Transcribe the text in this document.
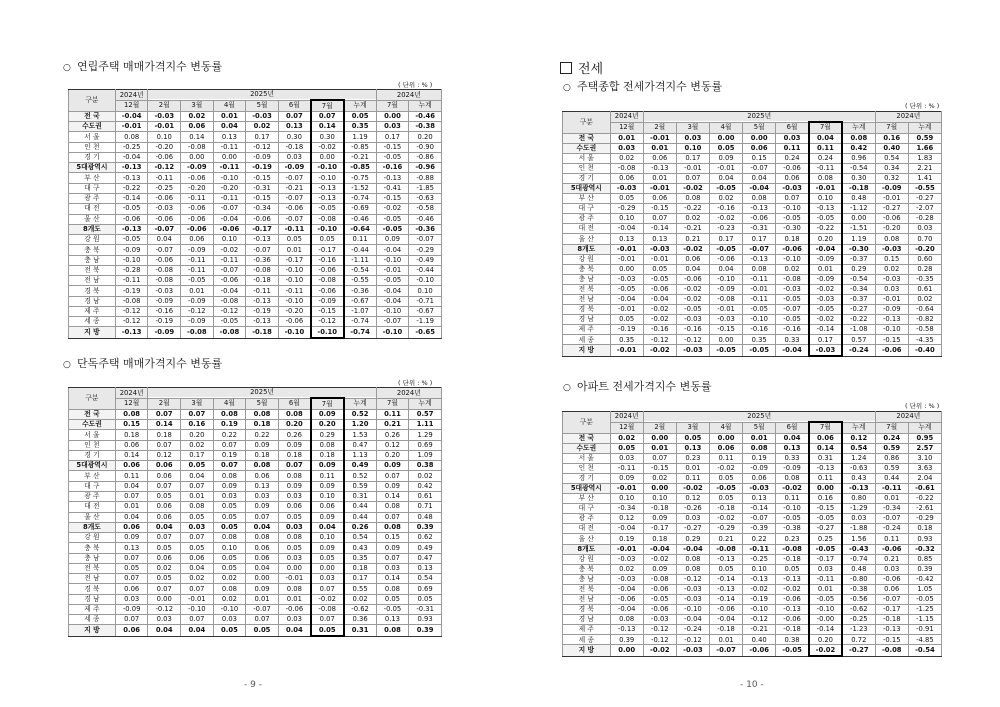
○ 연립주택 매매가격지수 변동률
( 단위 : % )
구분	2024년	2025년							2024년	
	12월	2월	3월	4월	5월	6월	7월	누계	7월	누계
전 국	-0.04	-0.03	0.02	0.01	-0.03	0.07	0.07	0.05	0.00	-0.46
수도권	-0.01	-0.01	0.06	0.04	0.02	0.13	0.14	0.35	0.03	-0.38
서 울	0.08	0.10	0.14	0.13	0.17	0.30	0.30	1.19	0.17	0.20
인 천	-0.25	-0.20	-0.08	-0.11	-0.12	-0.18	-0.02	-0.85	-0.15	-0.90
경 기	-0.04	-0.06	0.00	0.00	-0.09	0.03	0.00	-0.21	-0.05	-0.86
5대광역시	-0.13	-0.12	-0.09	-0.11	-0.19	-0.09	-0.10	-0.85	-0.16	-0.96
부 산	-0.13	-0.11	-0.06	-0.10	-0.15	-0.07	-0.10	-0.75	-0.13	-0.88
대 구	-0.22	-0.25	-0.20	-0.20	-0.31	-0.21	-0.13	-1.52	-0.41	-1.85
광 주	-0.14	-0.06	-0.11	-0.11	-0.15	-0.07	-0.13	-0.74	-0.15	-0.63
대 전	-0.05	-0.03	-0.06	-0.07	-0.34	-0.06	-0.05	-0.69	-0.02	-0.58
울 산	-0.06	-0.06	-0.06	-0.04	-0.06	-0.07	-0.08	-0.46	-0.05	-0.46
8개도	-0.13	-0.07	-0.06	-0.06	-0.17	-0.11	-0.10	-0.64	-0.05	-0.36
강 원	-0.05	0.04	0.06	0.10	-0.13	0.05	0.05	0.11	0.09	-0.07
충 북	-0.09	-0.07	-0.09	-0.02	-0.07	0.01	-0.17	-0.44	-0.04	-0.29
충 남	-0.10	-0.06	-0.11	-0.11	-0.36	-0.17	-0.16	-1.11	-0.10	-0.49
전 북	-0.28	-0.08	-0.11	-0.07	-0.08	-0.10	-0.06	-0.54	-0.01	-0.44
전 남	-0.11	-0.08	-0.05	-0.06	-0.18	-0.10	-0.08	-0.55	-0.05	-0.10
경 북	-0.19	-0.03	0.01	-0.04	-0.11	-0.11	-0.06	-0.36	-0.04	0.10
경 남	-0.08	-0.09	-0.09	-0.08	-0.13	-0.10	-0.09	-0.67	-0.04	-0.71
제 주	-0.12	-0.16	-0.12	-0.12	-0.19	-0.20	-0.15	-1.07	-0.10	-0.67
세 종	-0.12	-0.19	-0.09	-0.05	-0.13	-0.06	-0.12	-0.74	-0.07	-1.19
지 방	-0.13	-0.09	-0.08	-0.08	-0.18	-0.10	-0.10	-0.74	-0.10	-0.65
○ 단독주택 매매가격지수 변동률
( 단위 : % )
구분	2024년	2025년							2024년	
	12월	2월	3월	4월	5월	6월	7월	누계	7월	누계
전 국	0.08	0.07	0.07	0.08	0.08	0.08	0.09	0.52	0.11	0.57
수도권	0.15	0.14	0.16	0.19	0.18	0.20	0.20	1.20	0.21	1.11
서 울	0.18	0.18	0.20	0.22	0.22	0.26	0.29	1.53	0.26	1.29
인 천	0.06	0.07	0.02	0.07	0.09	0.09	0.08	0.47	0.12	0.69
경 기	0.14	0.12	0.17	0.19	0.18	0.18	0.18	1.13	0.20	1.09
5대광역시	0.06	0.06	0.05	0.07	0.08	0.07	0.09	0.49	0.09	0.38
부 산	0.11	0.06	0.04	0.08	0.06	0.08	0.11	0.52	0.07	0.02
대 구	0.04	0.07	0.07	0.09	0.13	0.09	0.09	0.59	0.09	0.42
광 주	0.07	0.05	0.01	0.03	0.03	0.03	0.10	0.31	0.14	0.61
대 전	0.01	0.06	0.08	0.05	0.09	0.06	0.06	0.44	0.08	0.71
울 산	0.04	0.06	0.05	0.05	0.07	0.05	0.09	0.44	0.07	0.48
8개도	0.06	0.04	0.03	0.05	0.04	0.03	0.04	0.26	0.08	0.39
강 원	0.09	0.07	0.07	0.08	0.08	0.08	0.10	0.54	0.15	0.62
충 북	0.13	0.05	0.05	0.10	0.06	0.05	0.09	0.43	0.09	0.49
충 남	0.07	0.06	0.06	0.05	0.06	0.03	0.05	0.35	0.07	0.47
전 북	0.05	0.02	0.04	0.05	0.04	0.00	0.00	0.18	0.03	0.13
전 남	0.07	0.05	0.02	0.02	0.00	-0.01	0.03	0.17	0.14	0.54
경 북	0.06	0.07	0.07	0.08	0.09	0.08	0.07	0.55	0.08	0.69
경 남	0.03	0.00	-0.01	0.02	0.01	0.01	-0.02	0.02	0.05	0.05
제 주	-0.09	-0.12	-0.10	-0.10	-0.07	-0.06	-0.08	-0.62	-0.05	-0.31
세 종	0.07	0.03	0.07	0.03	0.07	0.03	0.07	0.36	0.13	0.93
지 방	0.06	0.04	0.04	0.05	0.05	0.04	0.05	0.31	0.08	0.39
- 9 -
전세
○ 주택종합 전세가격지수 변동률
( 단위 : % )
구분	2024년	2025년							2024년	
	12월	2월	3월	4월	5월	6월	7월	누계	7월	누계
전 국	0.01	-0.01	0.03	0.00	0.00	0.03	0.04	0.08	0.16	0.59
수도권	0.03	0.01	0.10	0.05	0.06	0.11	0.11	0.42	0.40	1.66
서 울	0.02	0.06	0.17	0.09	0.15	0.24	0.24	0.96	0.54	1.83
인 천	-0.08	-0.13	-0.01	-0.01	-0.07	-0.06	-0.11	-0.54	0.34	2.21
경 기	0.06	0.01	0.07	0.04	0.04	0.06	0.08	0.30	0.32	1.41
5대광역시	-0.03	-0.01	-0.02	-0.05	-0.04	-0.03	-0.01	-0.18	-0.09	-0.55
부 산	0.05	0.06	0.08	0.02	0.08	0.07	0.10	0.48	-0.01	-0.27
대 구	-0.29	-0.15	-0.22	-0.16	-0.13	-0.10	-0.13	-1.12	-0.27	-2.07
광 주	0.10	0.07	0.02	-0.02	-0.06	-0.05	-0.05	0.00	-0.06	-0.28
대 전	-0.04	-0.14	-0.21	-0.23	-0.31	-0.30	-0.22	-1.51	-0.20	0.03
울 산	0.13	0.13	0.21	0.17	0.17	0.18	0.20	1.19	0.08	0.70
8개도	-0.01	-0.03	-0.02	-0.05	-0.07	-0.06	-0.04	-0.30	-0.03	-0.20
강 원	-0.01	-0.01	0.06	-0.06	-0.13	-0.10	-0.09	-0.37	0.15	0.60
충 북	0.00	0.05	0.04	0.04	0.08	0.02	0.01	0.29	0.02	0.28
충 남	-0.03	-0.05	-0.06	-0.10	-0.11	-0.08	-0.09	-0.54	-0.03	-0.35
전 북	-0.05	-0.06	-0.02	-0.09	-0.01	-0.03	-0.02	-0.34	0.03	0.61
전 남	-0.04	-0.04	-0.02	-0.08	-0.11	-0.05	-0.03	-0.37	-0.01	0.02
경 북	-0.01	-0.02	-0.05	-0.01	-0.05	-0.07	-0.05	-0.27	-0.09	-0.64
경 남	0.05	-0.02	-0.03	-0.03	-0.10	-0.05	-0.02	-0.22	-0.13	-0.82
제 주	-0.19	-0.16	-0.16	-0.15	-0.16	-0.16	-0.14	-1.08	-0.10	-0.58
세 종	0.35	-0.12	-0.12	0.00	0.35	0.33	0.17	0.57	-0.15	-4.35
지 방	-0.01	-0.02	-0.03	-0.05	-0.05	-0.04	-0.03	-0.24	-0.06	-0.40
○ 아파트 전세가격지수 변동률
( 단위 : % )
구분	2024년	2025년							2024년	
	12월	2월	3월	4월	5월	6월	7월	누계	7월	누계
전 국	0.02	0.00	0.05	0.00	0.01	0.04	0.06	0.12	0.24	0.95
수도권	0.05	0.01	0.13	0.06	0.08	0.13	0.14	0.54	0.59	2.57
서 울	0.03	0.07	0.23	0.11	0.19	0.33	0.31	1.24	0.86	3.10
인 천	-0.11	-0.15	0.01	-0.02	-0.09	-0.09	-0.13	-0.63	0.59	3.63
경 기	0.09	0.02	0.11	0.05	0.06	0.08	0.11	0.43	0.44	2.04
5대광역시	-0.01	0.00	-0.02	-0.05	-0.03	-0.02	0.00	-0.13	-0.11	-0.61
부 산	0.10	0.10	0.12	0.05	0.13	0.11	0.16	0.80	0.01	-0.22
대 구	-0.34	-0.18	-0.26	-0.18	-0.14	-0.10	-0.15	-1.29	-0.34	-2.61
광 주	0.12	0.09	0.03	-0.02	-0.07	-0.05	-0.05	0.03	-0.07	-0.29
대 전	-0.04	-0.17	-0.27	-0.29	-0.39	-0.38	-0.27	-1.88	-0.24	0.18
울 산	0.19	0.18	0.29	0.21	0.22	0.23	0.25	1.56	0.11	0.93
8개도	-0.01	-0.04	-0.04	-0.08	-0.11	-0.08	-0.05	-0.43	-0.06	-0.32
강 원	-0.03	-0.02	0.08	-0.13	-0.25	-0.18	-0.17	-0.74	0.21	0.85
충 북	0.02	0.09	0.08	0.05	0.10	0.05	0.03	0.48	0.03	0.39
충 남	-0.03	-0.08	-0.12	-0.14	-0.13	-0.13	-0.11	-0.80	-0.06	-0.42
전 북	-0.04	-0.06	-0.03	-0.13	-0.02	-0.02	0.01	-0.38	0.06	1.05
전 남	-0.06	-0.05	-0.03	-0.14	-0.19	-0.06	-0.05	-0.56	-0.07	-0.05
경 북	-0.04	-0.06	-0.10	-0.06	-0.10	-0.13	-0.10	-0.62	-0.17	-1.25
경 남	0.08	-0.03	-0.04	-0.04	-0.12	-0.06	-0.00	-0.25	-0.18	-1.15
제 주	-0.13	-0.12	-0.24	-0.18	-0.21	-0.18	-0.14	-1.23	-0.13	-0.91
세 종	0.39	-0.12	-0.12	0.01	0.40	0.38	0.20	0.72	-0.15	-4.85
지 방	0.00	-0.02	-0.03	-0.07	-0.06	-0.05	-0.02	-0.27	-0.08	-0.54
- 10 -
